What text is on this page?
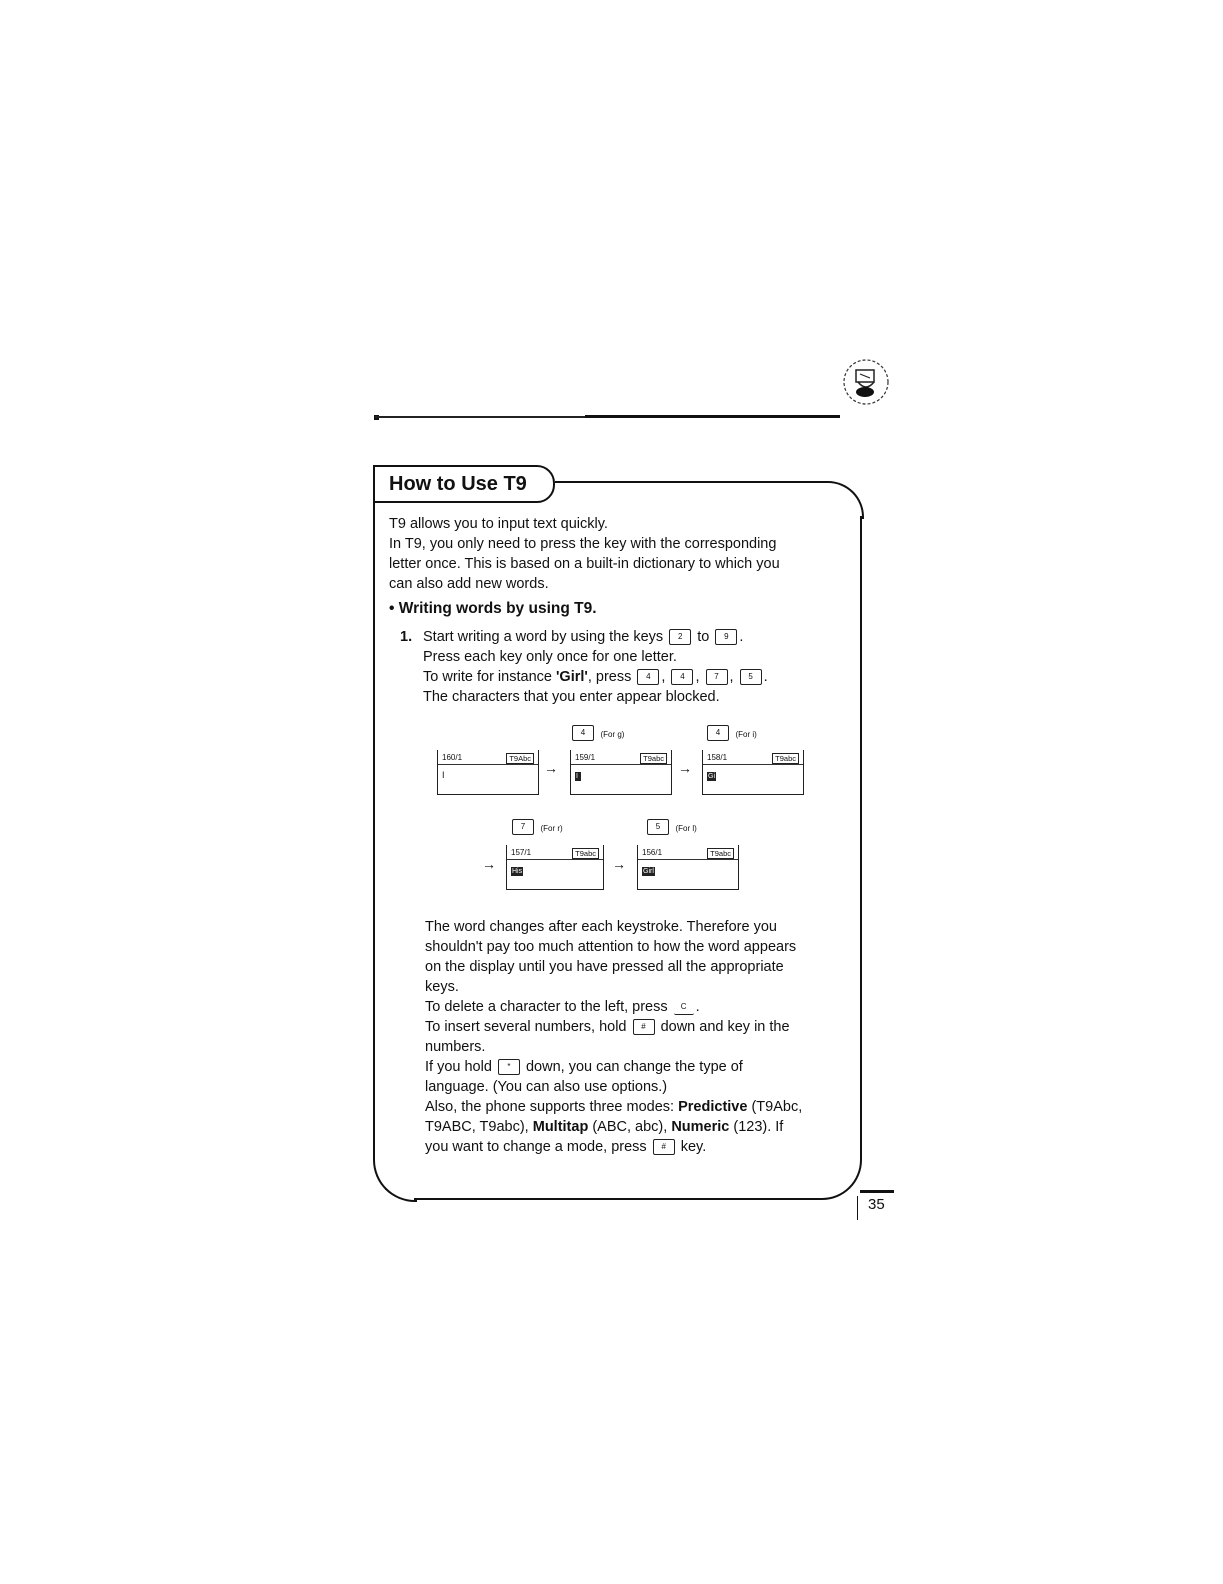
How to Use T9
T9 allows you to input text quickly.
In T9, you only need to press the key with the corresponding
letter once. This is based on a built-in dictionary to which you
can also add new words.
• Writing words by using T9.
1. Start writing a word by using the keys 2 to 9 .
Press each key only once for one letter.
To write for instance 'Girl', press 4 , 4 , 7 , 5 .
The characters that you enter appear blocked.
4 (For g)	4 (For i)
160/1	T9Abc
I	→
159/1	T9abc
I
→
158/1	T9abc
Gi
7 (For r)	5 (For l)
→
157/1	T9abc
His	→
156/1	T9abc
Girl
The word changes after each keystroke. Therefore you
shouldn't pay too much attention to how the word appears
on the display until you have pressed all the appropriate
keys.
To delete a character to the left, press C .
To insert several numbers, hold # down and key in the
numbers.
If you hold * down, you can change the type of
language. (You can also use options.)
Also, the phone supports three modes: Predictive (T9Abc,
T9ABC, T9abc), Multitap (ABC, abc), Numeric (123). If
you want to change a mode, press # key.
35
